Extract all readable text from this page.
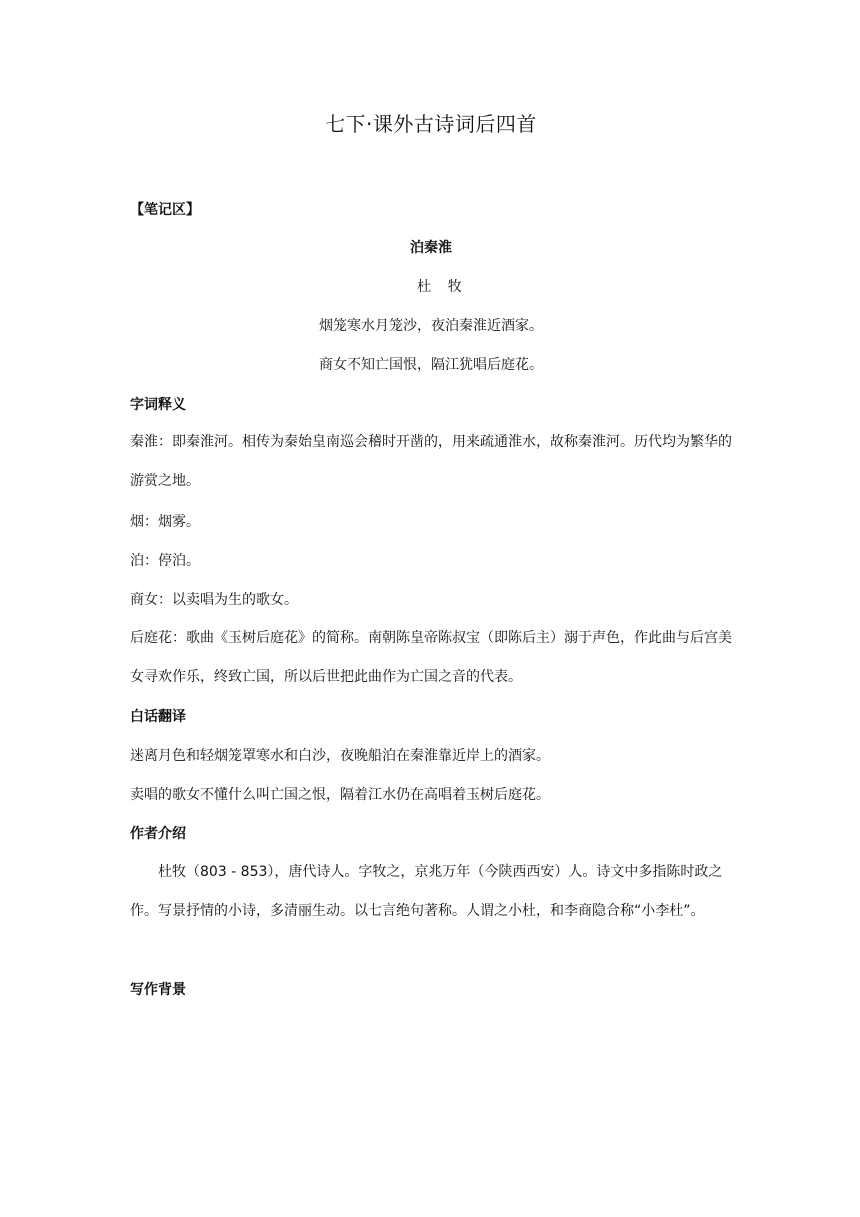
七下·课外古诗词后四首
【笔记区】
泊秦淮
杜牧
烟笼寒水月笼沙，夜泊秦淮近酒家。
商女不知亡国恨，隔江犹唱后庭花。
字词释义
秦淮：即秦淮河。相传为秦始皇南巡会稽时开凿的，用来疏通淮水，故称秦淮河。历代均为繁华的游赏之地。
烟：烟雾。
泊：停泊。
商女：以卖唱为生的歌女。
后庭花：歌曲《玉树后庭花》的简称。南朝陈皇帝陈叔宝（即陈后主）溺于声色，作此曲与后宫美女寻欢作乐，终致亡国，所以后世把此曲作为亡国之音的代表。
白话翻译
迷离月色和轻烟笼罩寒水和白沙，夜晚船泊在秦淮靠近岸上的酒家。
卖唱的歌女不懂什么叫亡国之恨，隔着江水仍在高唱着玉树后庭花。
作者介绍
杜牧（803 - 853），唐代诗人。字牧之，京兆万年（今陕西西安）人。诗文中多指陈时政之作。写景抒情的小诗，多清丽生动。以七言绝句著称。人谓之小杜，和李商隐合称“小李杜”。
写作背景
